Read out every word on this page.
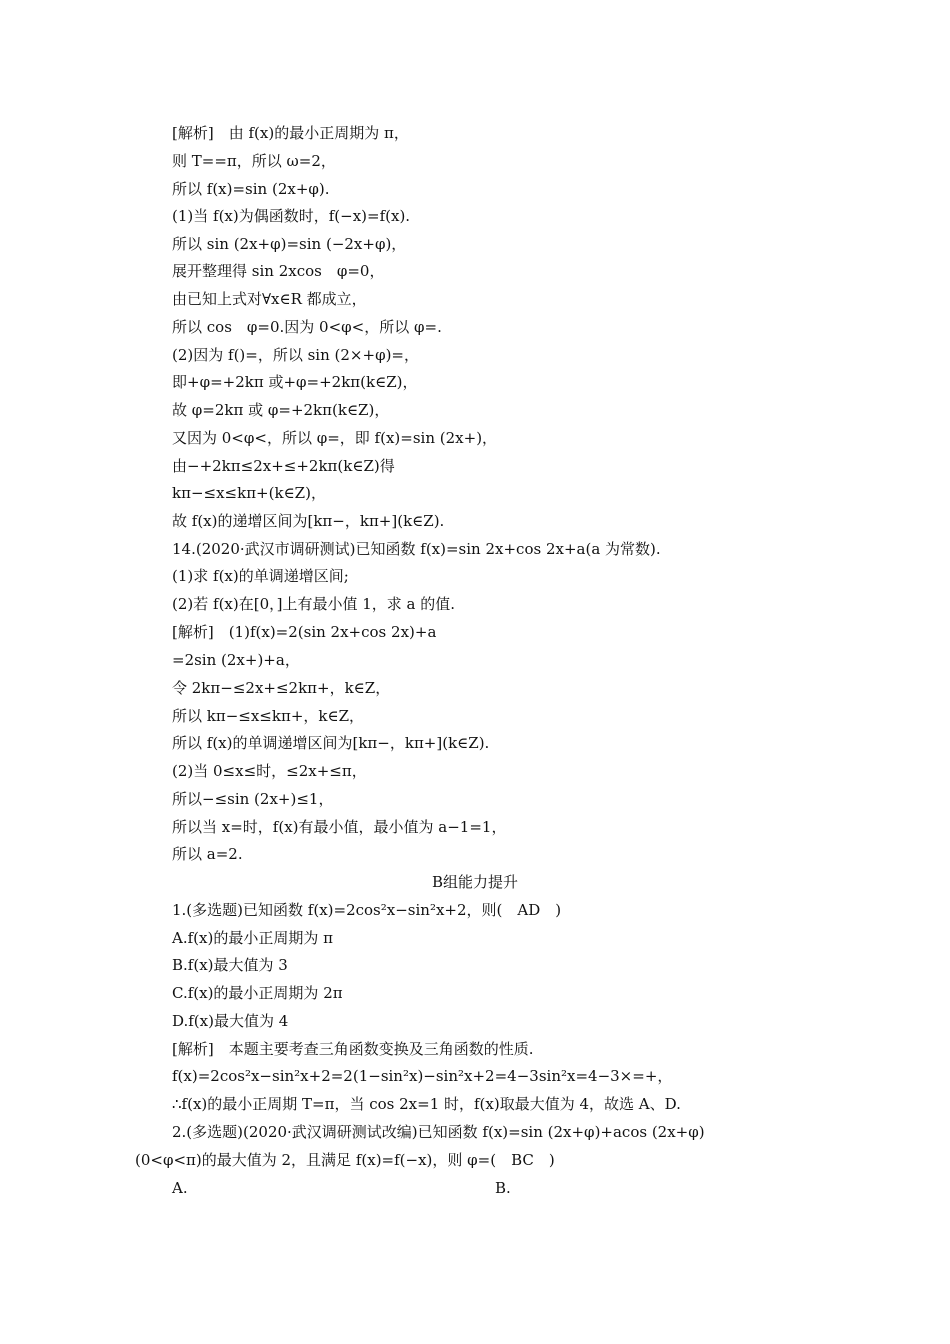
[解析]　由 f(x)的最小正周期为 π，
则 T==π，所以 ω=2，
所以 f(x)=sin (2x+φ).
(1)当 f(x)为偶函数时，f(−x)=f(x).
所以 sin (2x+φ)=sin (−2x+φ)，
展开整理得 sin 2xcos　φ=0，
由已知上式对∀x∈R 都成立，
所以 cos　φ=0.因为 0<φ<，所以 φ=.
(2)因为 f()=，所以 sin (2×+φ)=，
即+φ=+2kπ 或+φ=+2kπ(k∈Z)，
故 φ=2kπ 或 φ=+2kπ(k∈Z)，
又因为 0<φ<，所以 φ=，即 f(x)=sin (2x+)，
由−+2kπ≤2x+≤+2kπ(k∈Z)得
kπ−≤x≤kπ+(k∈Z)，
故 f(x)的递增区间为[kπ−，kπ+](k∈Z).
14.(2020·武汉市调研测试)已知函数 f(x)=sin 2x+cos 2x+a(a 为常数).
(1)求 f(x)的单调递增区间;
(2)若 f(x)在[0，]上有最小值 1，求 a 的值.
[解析]　(1)f(x)=2(sin 2x+cos 2x)+a
=2sin (2x+)+a，
令 2kπ−≤2x+≤2kπ+，k∈Z，
所以 kπ−≤x≤kπ+，k∈Z，
所以 f(x)的单调递增区间为[kπ−，kπ+](k∈Z).
(2)当 0≤x≤时，≤2x+≤π，
所以−≤sin (2x+)≤1，
所以当 x=时，f(x)有最小值，最小值为 a−1=1，
所以 a=2.
B组能力提升
1.(多选题)已知函数 f(x)=2cos²x−sin²x+2，则(　AD　)
A.f(x)的最小正周期为 π
B.f(x)最大值为 3
C.f(x)的最小正周期为 2π
D.f(x)最大值为 4
[解析]　本题主要考查三角函数变换及三角函数的性质.
f(x)=2cos²x−sin²x+2=2(1−sin²x)−sin²x+2=4−3sin²x=4−3×=+，
∴f(x)的最小正周期 T=π，当 cos 2x=1 时，f(x)取最大值为 4，故选 A、D.
2.(多选题)(2020·武汉调研测试改编)已知函数 f(x)=sin (2x+φ)+acos (2x+φ)
(0<φ<π)的最大值为 2，且满足 f(x)=f(−x)，则 φ=(　BC　)
A.	B.
